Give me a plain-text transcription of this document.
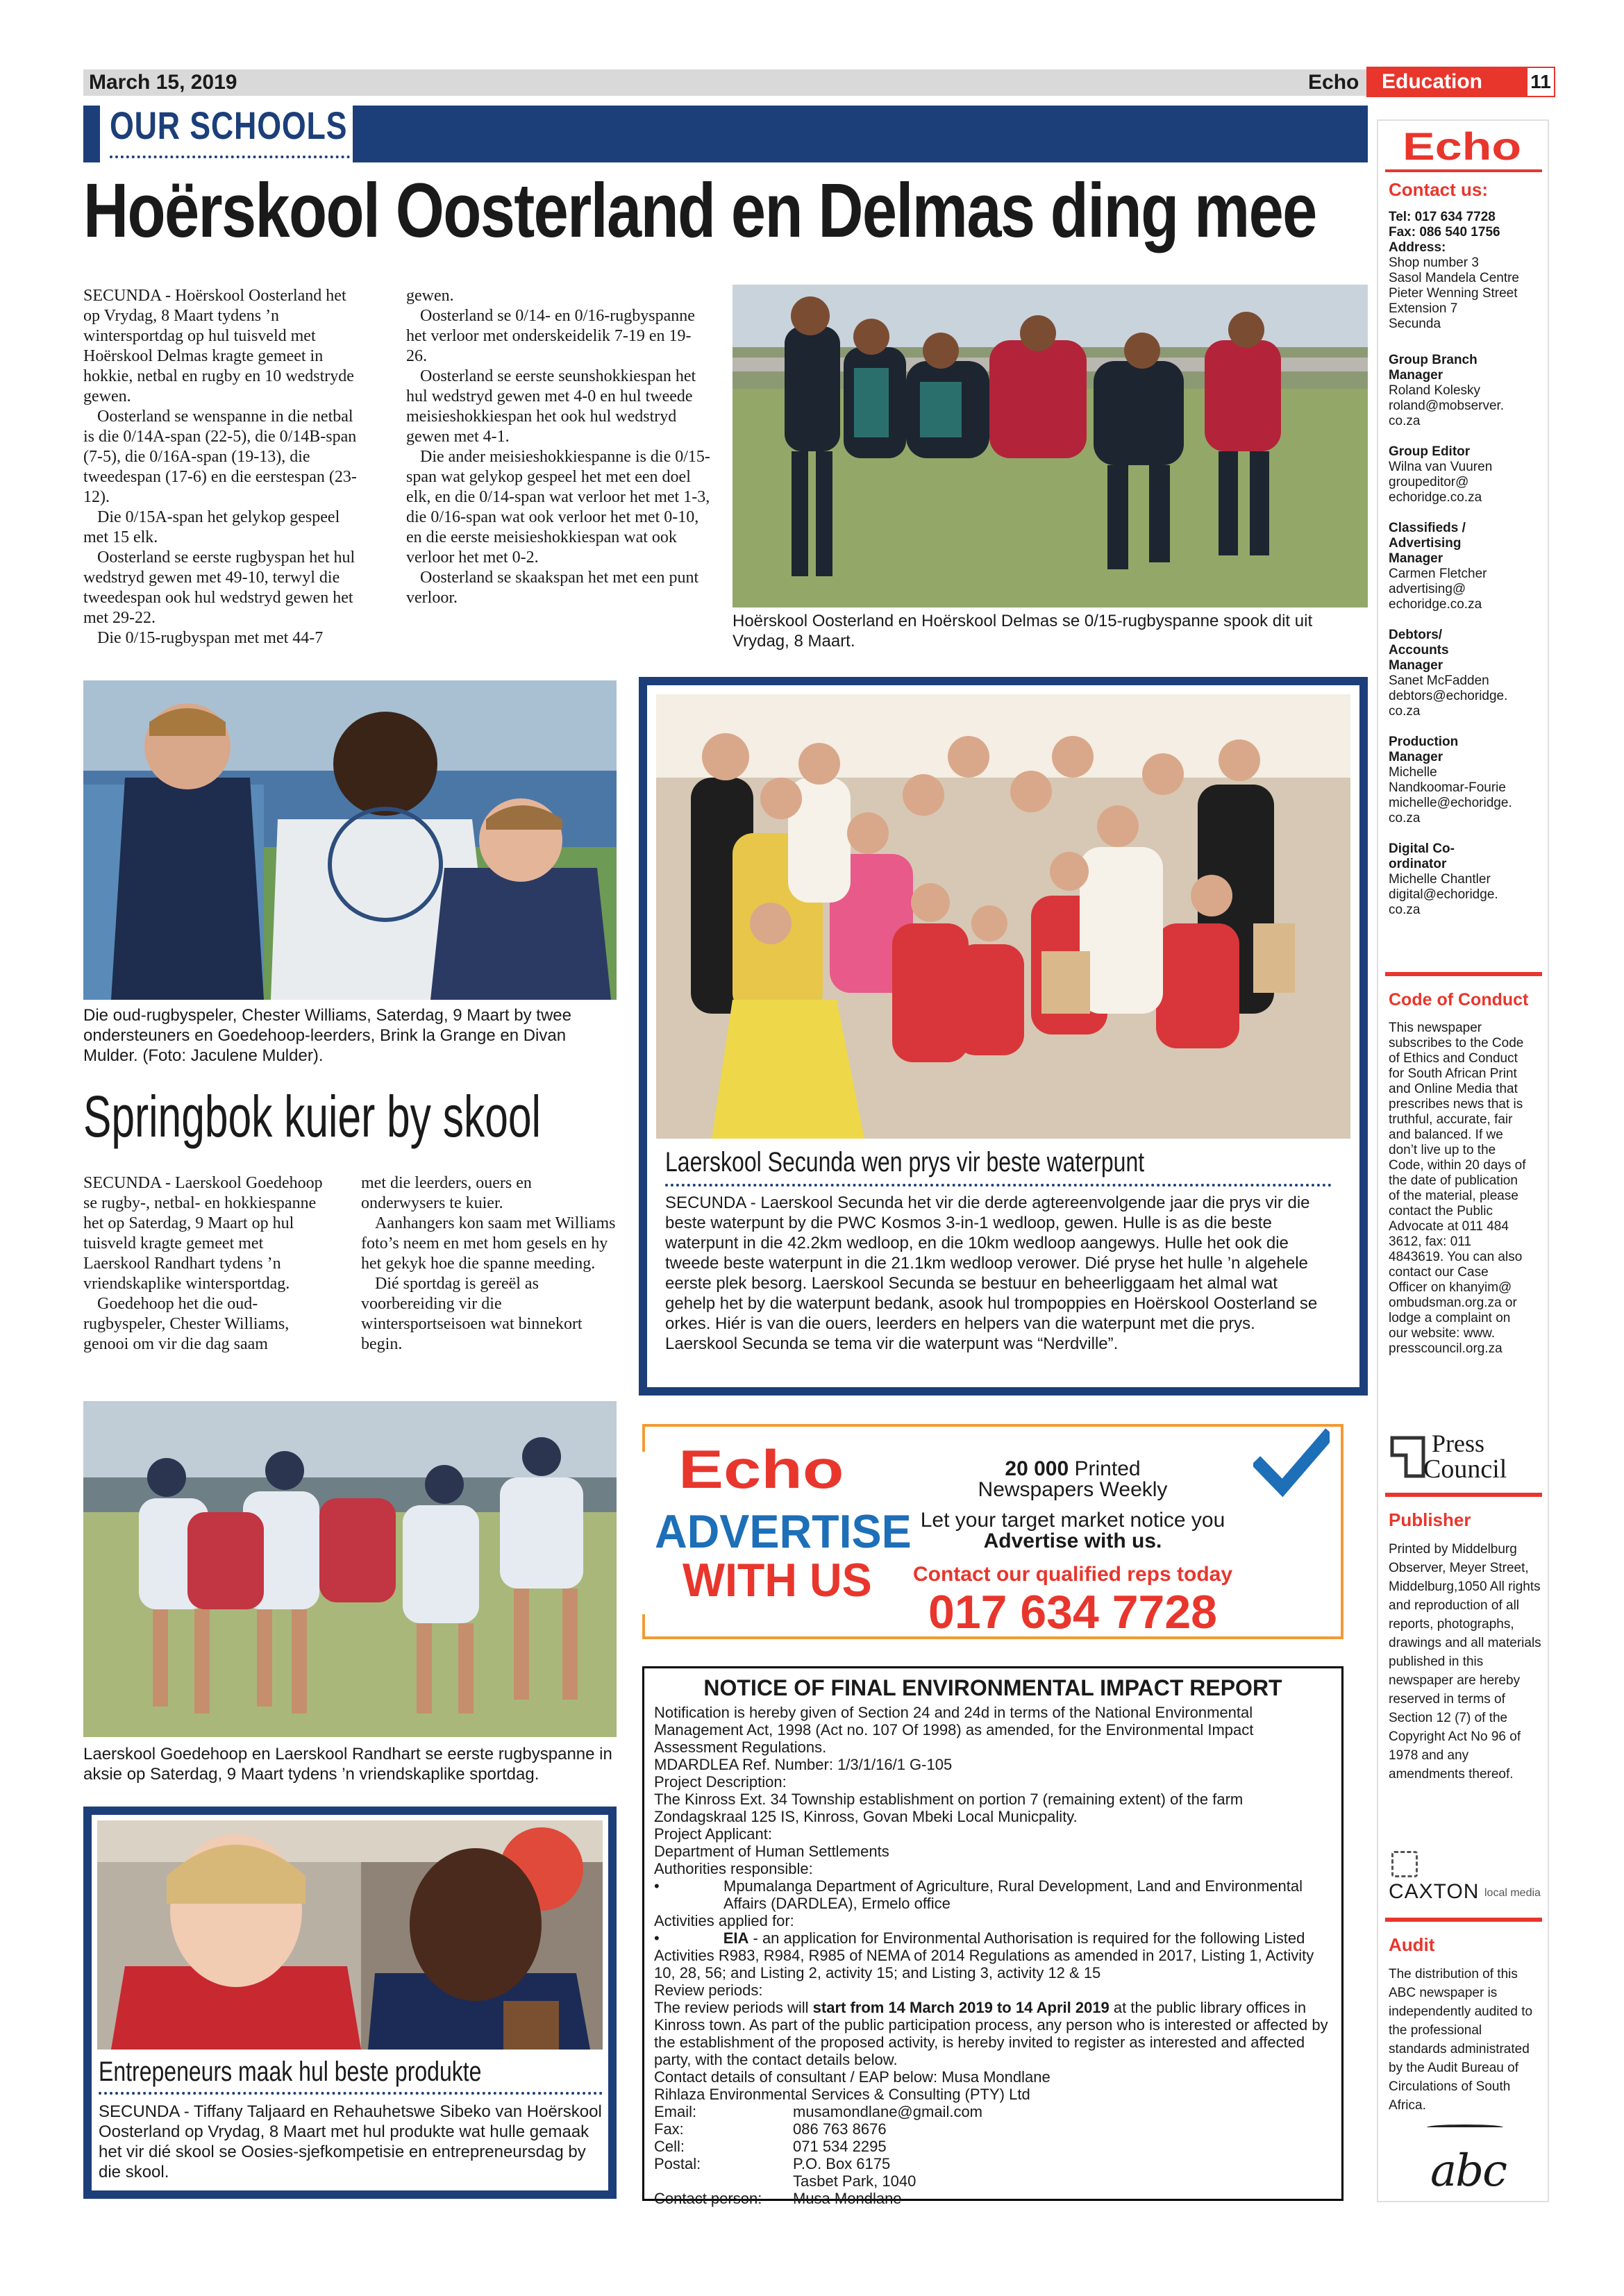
March 15, 2019	Echo	Education	11
OUR SCHOOLS
Hoërskool Oosterland en Delmas ding mee

SECUNDA - Hoërskool Oosterland het op Vrydag, 8 Maart tydens ’n wintersportdag op hul tuisveld met Hoërskool Delmas kragte gemeet in hokkie, netbal en rugby en 10 wedstryde gewen.

Oosterland se wenspanne in die netbal is die 0/14A-span (22-5), die 0/14B-span (7-5), die 0/16A-span (19-13), die tweedespan (17-6) en die eerstespan (23-12).

Die 0/15A-span het gelykop gespeel met 15 elk.

Oosterland se eerste rugbyspan het hul wedstryd gewen met 49-10, terwyl die tweedespan ook hul wedstryd gewen het met 29-22.

Die 0/15-rugbyspan met met 44-7

gewen.

Oosterland se 0/14- en 0/16-rugbyspanne het verloor met onderskeidelik 7-19 en 19-26.

Oosterland se eerste seunshokkiespan het hul wedstryd gewen met 4-0 en hul tweede meisieshokkiespan het ook hul wedstryd gewen met 4-1.

Die ander meisieshokkiespanne is die 0/15-span wat gelykop gespeel het met een doel elk, en die 0/14-span wat verloor het met 1-3, die 0/16-span wat ook verloor het met 0-10, en die eerste meisieshokkiespan wat ook verloor het met 0-2.

Oosterland se skaakspan het met een punt verloor.

Hoërskool Oosterland en Hoërskool Delmas se 0/15-rugbyspanne spook dit uit Vrydag, 8 Maart.
Die oud-rugbyspeler, Chester Williams, Saterdag, 9 Maart by twee ondersteuners en Goedehoop-leerders, Brink la Grange en Divan Mulder. (Foto: Jaculene Mulder).
Springbok kuier by skool

SECUNDA - Laerskool Goedehoop se rugby-, netbal- en hokkiespanne het op Saterdag, 9 Maart op hul tuisveld kragte gemeet met Laerskool Randhart tydens ’n vriendskaplike wintersportdag.

Goedehoop het die oud-rugbyspeler, Chester Williams, genooi om vir die dag saam

met die leerders, ouers en onderwysers te kuier.

Aanhangers kon saam met Williams foto’s neem en met hom gesels en hy het gekyk hoe die spanne meeding.

Dié sportdag is gereël as voorbereiding vir die wintersportseisoen wat binnekort begin.

Laerskool Secunda wen prys vir beste waterpunt
SECUNDA - Laerskool Secunda het vir die derde agtereenvolgende jaar die prys vir die beste waterpunt by die PWC Kosmos 3-in-1 wedloop, gewen. Hulle is as die beste waterpunt in die 42.2km wedloop, en die 10km wedloop aangewys. Hulle het ook die tweede beste waterpunt in die 21.1km wedloop verower. Dié pryse het hulle ’n algehele eerste plek besorg. Laerskool Secunda se bestuur en beheerliggaam het almal wat gehelp het by die waterpunt bedank, asook hul trompoppies en Hoërskool Oosterland se orkes. Hiér is van die ouers, leerders en helpers van die waterpunt met die prys. Laerskool Secunda se tema vir die waterpunt was “Nerdville”.
Laerskool Goedehoop en Laerskool Randhart se eerste rugbyspanne in aksie op Saterdag, 9 Maart tydens ’n vriendskaplike sportdag.
Entrepeneurs maak hul beste produkte
SECUNDA - Tiffany Taljaard en Rehauhetswe Sibeko van Hoërskool Oosterland op Vrydag, 8 Maart met hul produkte wat hulle gemaak het vir dié skool se Oosies-sjefkompetisie en entrepreneursdag by die skool.
Echo
ADVERTISE
WITH US
20 000 Printed
Newspapers Weekly
Let your target market notice you
Advertise with us.
Contact our qualified reps today
017 634 7728
NOTICE OF FINAL ENVIRONMENTAL IMPACT REPORT
Notification is hereby given of Section 24 and 24d in terms of the National Environmental Management Act, 1998 (Act no. 107 Of 1998) as amended, for the Environmental Impact Assessment Regulations.
MDARDLEA Ref. Number: 1/3/1/16/1 G-105
Project Description:
The Kinross Ext. 34 Township establishment on portion 7 (remaining extent) of the farm Zondagskraal 125 IS, Kinross, Govan Mbeki Local Municpality.
Project Applicant:
Department of Human Settlements
Authorities responsible:
•	Mpumalanga Department of Agriculture, Rural Development, Land and Environmental Affairs (DARDLEA), Ermelo office
Activities applied for:
•	EIA - an application for Environmental Authorisation is required for the following Listed Activities R983, R984, R985 of NEMA of 2014 Regulations as amended in 2017, Listing 1, Activity 10, 28, 56; and Listing 2, activity 15; and Listing 3, activity 12 & 15
Review periods:
The review periods will start from 14 March 2019 to 14 April 2019 at the public library offices in Kinross town. As part of the public participation process, any person who is interested or affected by the establishment of the proposed activity, is hereby invited to register as interested and affected party, with the contact details below.
Contact details of consultant / EAP below: Musa Mondlane
Rihlaza Environmental Services & Consulting (PTY) Ltd
Email:	musamondlane@gmail.com
Fax:	086 763 8676
Cell:	071 534 2295
Postal:	P.O. Box 6175
Tasbet Park, 1040
Contact person:	Musa Mondlane
Echo
Contact us:
Tel: 017 634 7728
Fax: 086 540 1756
Address:
Shop number 3
Sasol Mandela Centre
Pieter Wenning Street
Extension 7
Secunda
Group Branch Manager
Roland Kolesky
roland@mobserver.
co.za
Group Editor
Wilna van Vuuren
groupeditor@
echoridge.co.za
Classifieds / Advertising Manager
Carmen Fletcher
advertising@
echoridge.co.za
Debtors/ Accounts Manager
Sanet McFadden
debtors@echoridge.
co.za
Production Manager
Michelle
Nandkoomar-Fourie
michelle@echoridge.
co.za
Digital Co-ordinator
Michelle Chantler
digital@echoridge.
co.za
Code of Conduct
This newspaper subscribes to the Code of Ethics and Conduct for South African Print and Online Media that prescribes news that is truthful, accurate, fair and balanced. If we don’t live up to the Code, within 20 days of the date of publication of the material, please contact the Public Advocate at 011 484 3612, fax: 011 4843619. You can also contact our Case Officer on khanyim@ ombudsman.org.za or lodge a complaint on our website: www. presscouncil.org.za
Press
Council
Publisher
Printed by Middelburg Observer, Meyer Street, Middelburg,1050 All rights and reproduction of all reports, photographs, drawings and all materials published in this newspaper are hereby reserved in terms of Section 12 (7) of the Copyright Act No 96 of 1978 and any amendments thereof.
CAXTON local media
Audit
The distribution of this ABC newspaper is independently audited to the professional standards administrated by the Audit Bureau of Circulations of South Africa.
abc
